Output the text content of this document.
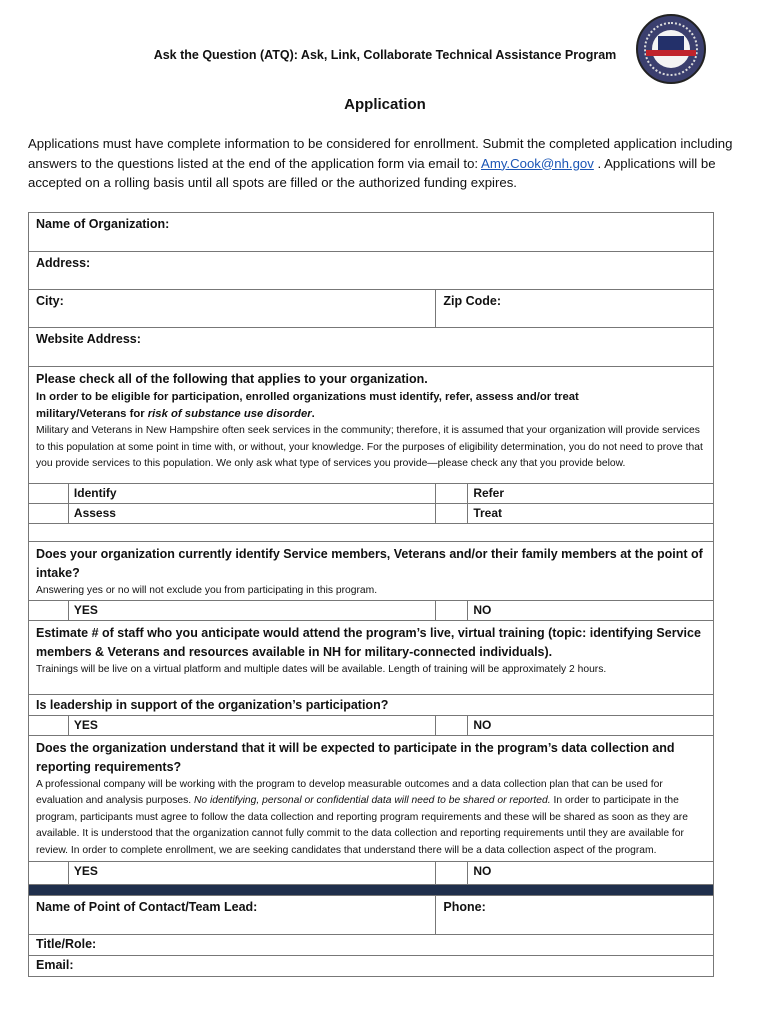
Ask the Question (ATQ): Ask, Link, Collaborate Technical Assistance Program
Application
Applications must have complete information to be considered for enrollment. Submit the completed application including answers to the questions listed at the end of the application form via email to: Amy.Cook@nh.gov . Applications will be accepted on a rolling basis until all spots are filled or the authorized funding expires.
Name of Organization:			

Address:			

City:		Zip Code:	

Website Address:			

Please check all of the following that applies to your organization.
In order to be eligible for participation, enrolled organizations must identify, refer, assess and/or treat
military/Veterans for risk of substance use disorder.
Military and Veterans in New Hampshire often seek services in the community; therefore, it is assumed that your organization will provide services to this population at some point in time with, or without, your knowledge. For the purposes of eligibility determination, you do not need to prove that you provide services to this population. We only ask what type of services you provide—please check any that you provide below.			

	Identify		Refer

	Assess		Treat

Does your organization currently identify Service members, Veterans and/or their family members at the point of intake?
Answering yes or no will not exclude you from participating in this program.			

	YES		NO

Estimate # of staff who you anticipate would attend the program’s live, virtual training (topic: identifying Service members & Veterans and resources available in NH for military-connected individuals).
Trainings will be live on a virtual platform and multiple dates will be available. Length of training will be approximately 2 hours.			

Is leadership in support of the organization’s participation?			

	YES		NO

Does the organization understand that it will be expected to participate in the program’s data collection and reporting requirements?
A professional company will be working with the program to develop measurable outcomes and a data collection plan that can be used for evaluation and analysis purposes. No identifying, personal or confidential data will need to be shared or reported. In order to participate in the program, participants must agree to follow the data collection and reporting program requirements and these will be shared as soon as they are available. It is understood that the organization cannot fully commit to the data collection and reporting requirements until they are available for review. In order to complete enrollment, we are seeking candidates that understand there will be a data collection aspect of the program.			

	YES		NO

Name of Point of Contact/Team Lead:		Phone:	

Title/Role:			

Email:			
